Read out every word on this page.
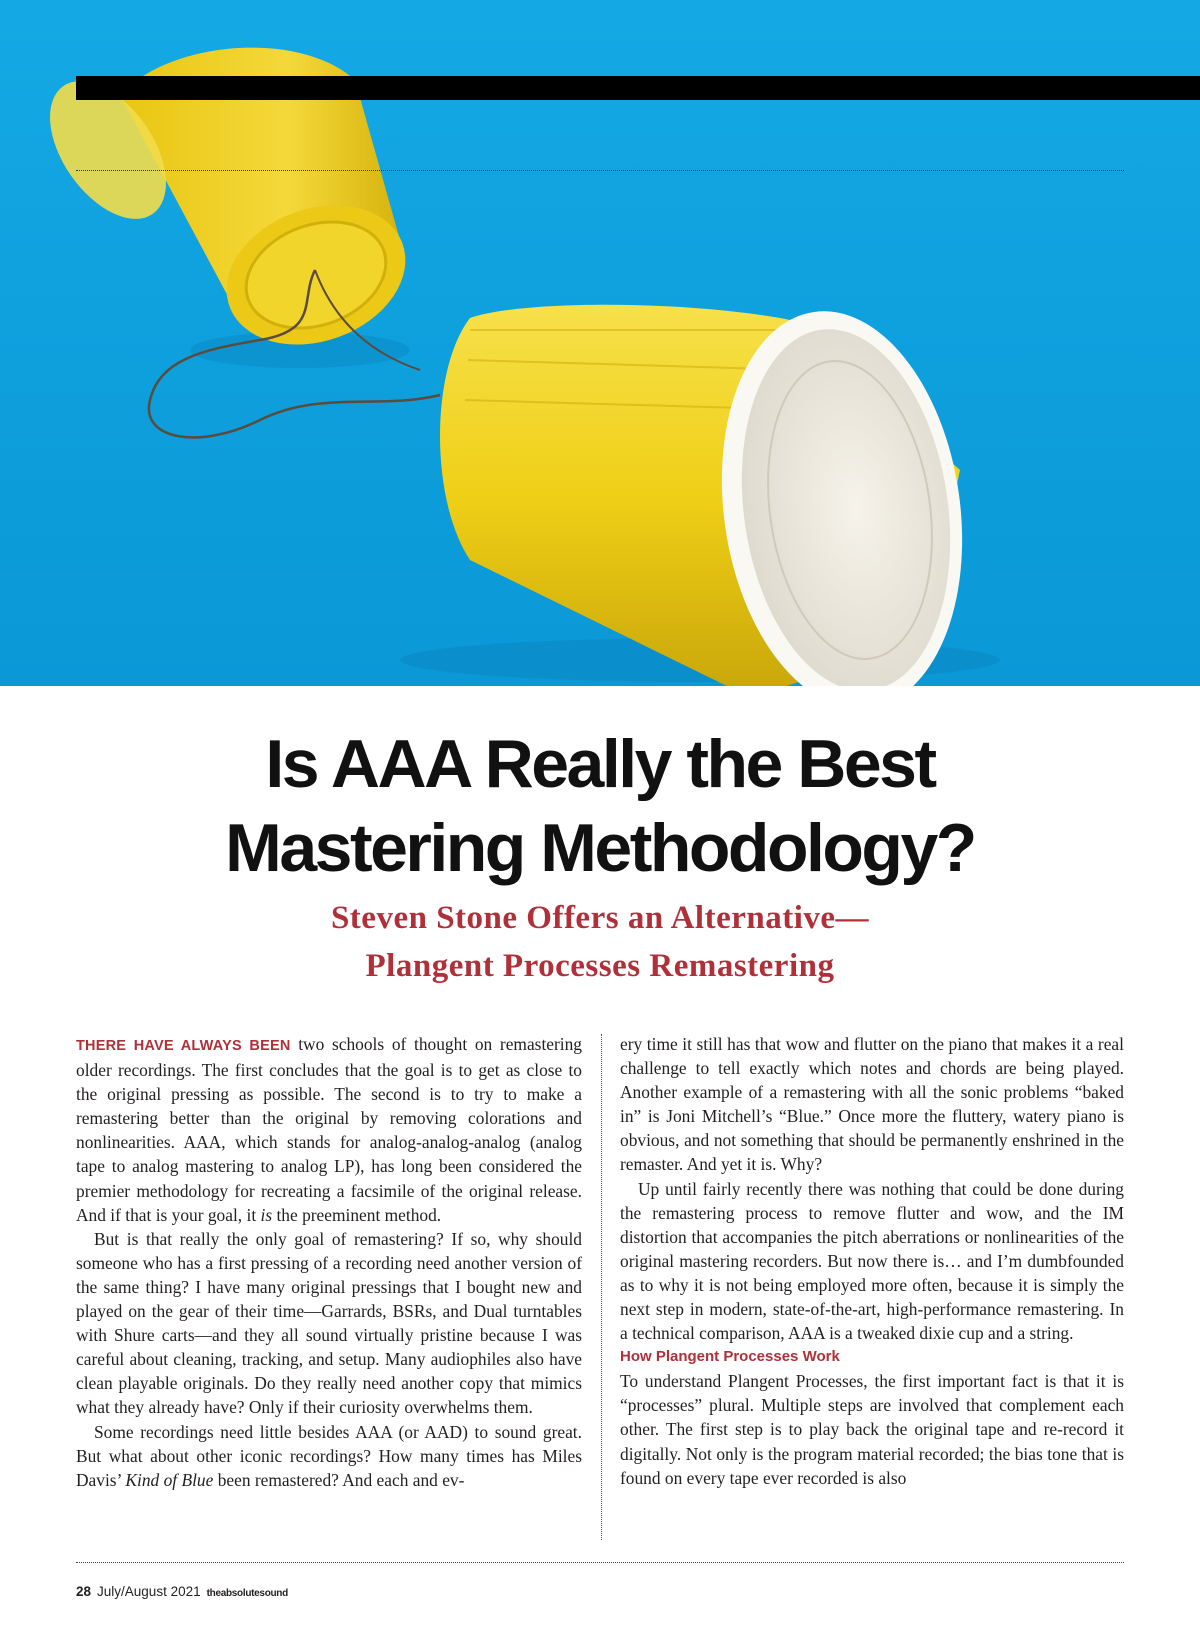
Is AAA Really the Best
Mastering Methodology?
Steven Stone Offers an Alternative—
Plangent Processes Remastering

THERE HAVE ALWAYS BEEN two schools of thought on remastering older recordings. The first concludes that the goal is to get as close to the original pressing as possible. The second is to try to make a remastering better than the original by removing colorations and nonlinearities. AAA, which stands for analog-analog-analog (analog tape to analog mastering to analog LP), has long been considered the premier methodology for recreating a facsimile of the original release. And if that is your goal, it is the preeminent method.

But is that really the only goal of remastering? If so, why should someone who has a first pressing of a recording need another version of the same thing? I have many original pressings that I bought new and played on the gear of their time—Garrards, BSRs, and Dual turntables with Shure carts—and they all sound virtually pristine because I was careful about cleaning, tracking, and setup. Many audiophiles also have clean playable originals. Do they really need another copy that mimics what they already have? Only if their curiosity overwhelms them.

Some recordings need little besides AAA (or AAD) to sound great. But what about other iconic recordings? How many times has Miles Davis’ Kind of Blue been remastered? And each and ev-

ery time it still has that wow and flutter on the piano that makes it a real challenge to tell exactly which notes and chords are being played. Another example of a remastering with all the sonic problems “baked in” is Joni Mitchell’s “Blue.” Once more the fluttery, watery piano is obvious, and not something that should be permanently enshrined in the remaster. And yet it is. Why?

Up until fairly recently there was nothing that could be done during the remastering process to remove flutter and wow, and the IM distortion that accompanies the pitch aberrations or nonlinearities of the original mastering recorders. But now there is… and I’m dumbfounded as to why it is not being employed more often, because it is simply the next step in modern, state-of-the-art, high-performance remastering. In a technical comparison, AAA is a tweaked dixie cup and a string.

How Plangent Processes Work

To understand Plangent Processes, the first important fact is that it is “processes” plural. Multiple steps are involved that complement each other. The first step is to play back the original tape and re-record it digitally. Not only is the program material recorded; the bias tone that is found on every tape ever recorded is also

28 July/August 2021 theabsolutesound
